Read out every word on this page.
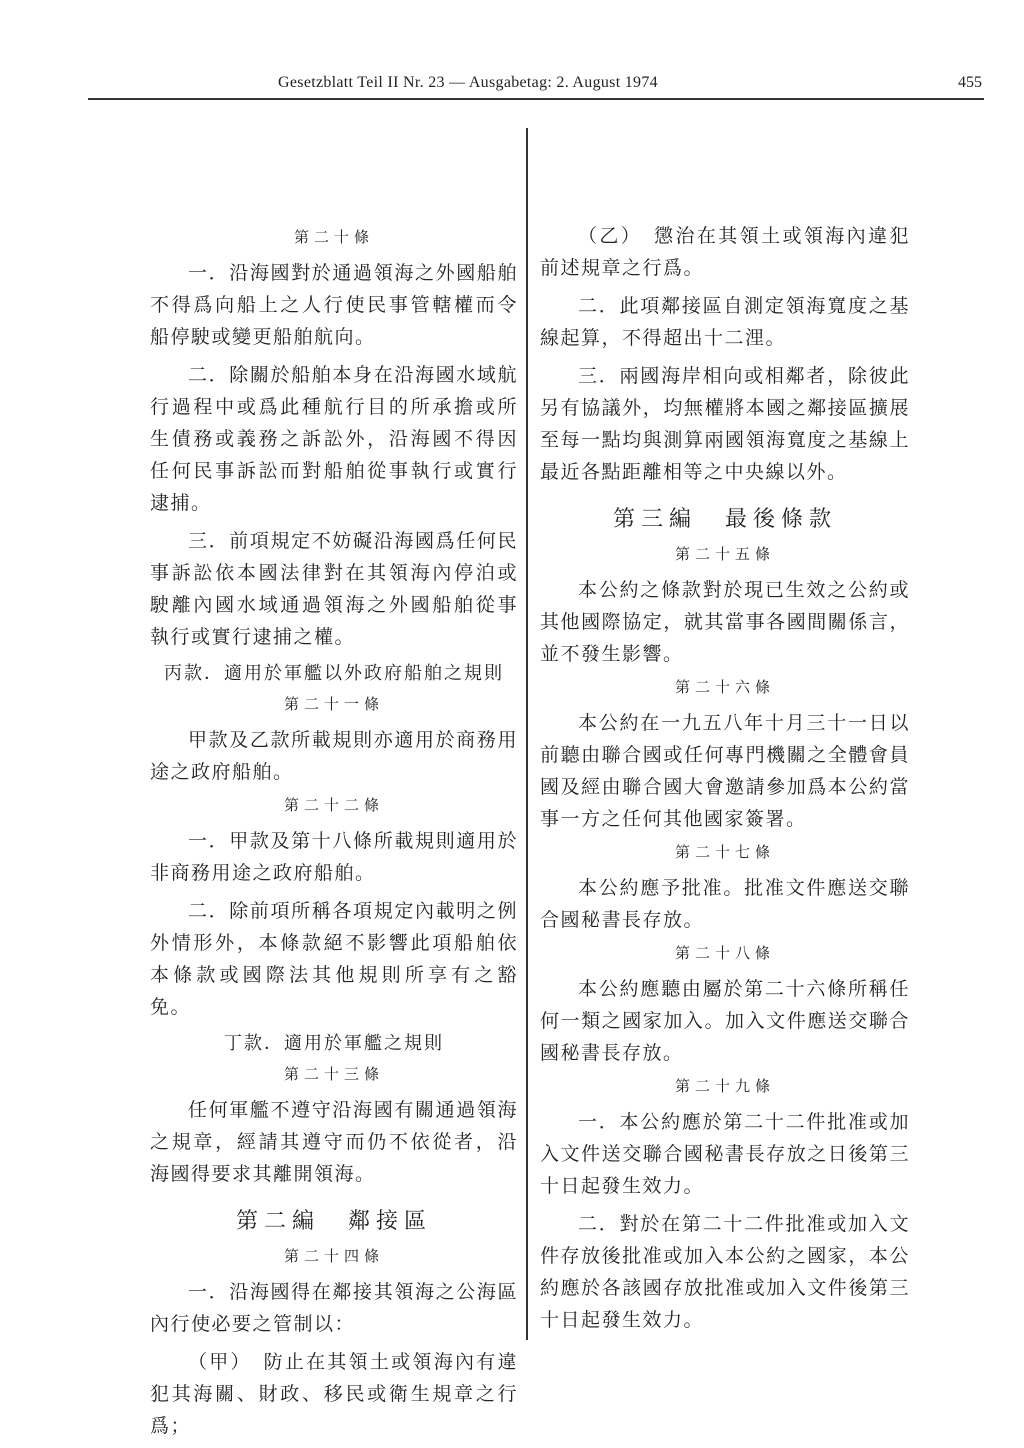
Gesetzblatt Teil II Nr. 23 — Ausgabetag: 2. August 1974	455
第二十條
一．沿海國對於通過領海之外國船舶不得爲向船上之人行使民事管轄權而令船停駛或變更船舶航向。
二．除關於船舶本身在沿海國水域航行過程中或爲此種航行目的所承擔或所生債務或義務之訴訟外，沿海國不得因任何民事訴訟而對船舶從事執行或實行逮捕。
三．前項規定不妨礙沿海國爲任何民事訴訟依本國法律對在其領海內停泊或駛離內國水域通過領海之外國船舶從事執行或實行逮捕之權。
丙款．適用於軍艦以外政府船舶之規則
第二十一條
甲款及乙款所載規則亦適用於商務用途之政府船舶。
第二十二條
一．甲款及第十八條所載規則適用於非商務用途之政府船舶。
二．除前項所稱各項規定內載明之例外情形外，本條款絕不影響此項船舶依本條款或國際法其他規則所享有之豁免。
丁款．適用於軍艦之規則
第二十三條
任何軍艦不遵守沿海國有關通過領海之規章，經請其遵守而仍不依從者，沿海國得要求其離開領海。
第二編　鄰接區
第二十四條
一．沿海國得在鄰接其領海之公海區內行使必要之管制以：
（甲）　防止在其領土或領海內有違犯其海關、財政、移民或衛生規章之行爲；
（乙）　懲治在其領土或領海內違犯前述規章之行爲。
二．此項鄰接區自測定領海寬度之基線起算，不得超出十二浬。
三．兩國海岸相向或相鄰者，除彼此另有協議外，均無權將本國之鄰接區擴展至每一點均與測算兩國領海寬度之基線上最近各點距離相等之中央線以外。
第三編　最後條款
第二十五條
本公約之條款對於現已生效之公約或其他國際協定，就其當事各國間關係言，並不發生影響。
第二十六條
本公約在一九五八年十月三十一日以前聽由聯合國或任何專門機關之全體會員國及經由聯合國大會邀請參加爲本公約當事一方之任何其他國家簽署。
第二十七條
本公約應予批准。批准文件應送交聯合國秘書長存放。
第二十八條
本公約應聽由屬於第二十六條所稱任何一類之國家加入。加入文件應送交聯合國秘書長存放。
第二十九條
一．本公約應於第二十二件批准或加入文件送交聯合國秘書長存放之日後第三十日起發生效力。
二．對於在第二十二件批准或加入文件存放後批准或加入本公約之國家，本公約應於各該國存放批准或加入文件後第三十日起發生效力。
